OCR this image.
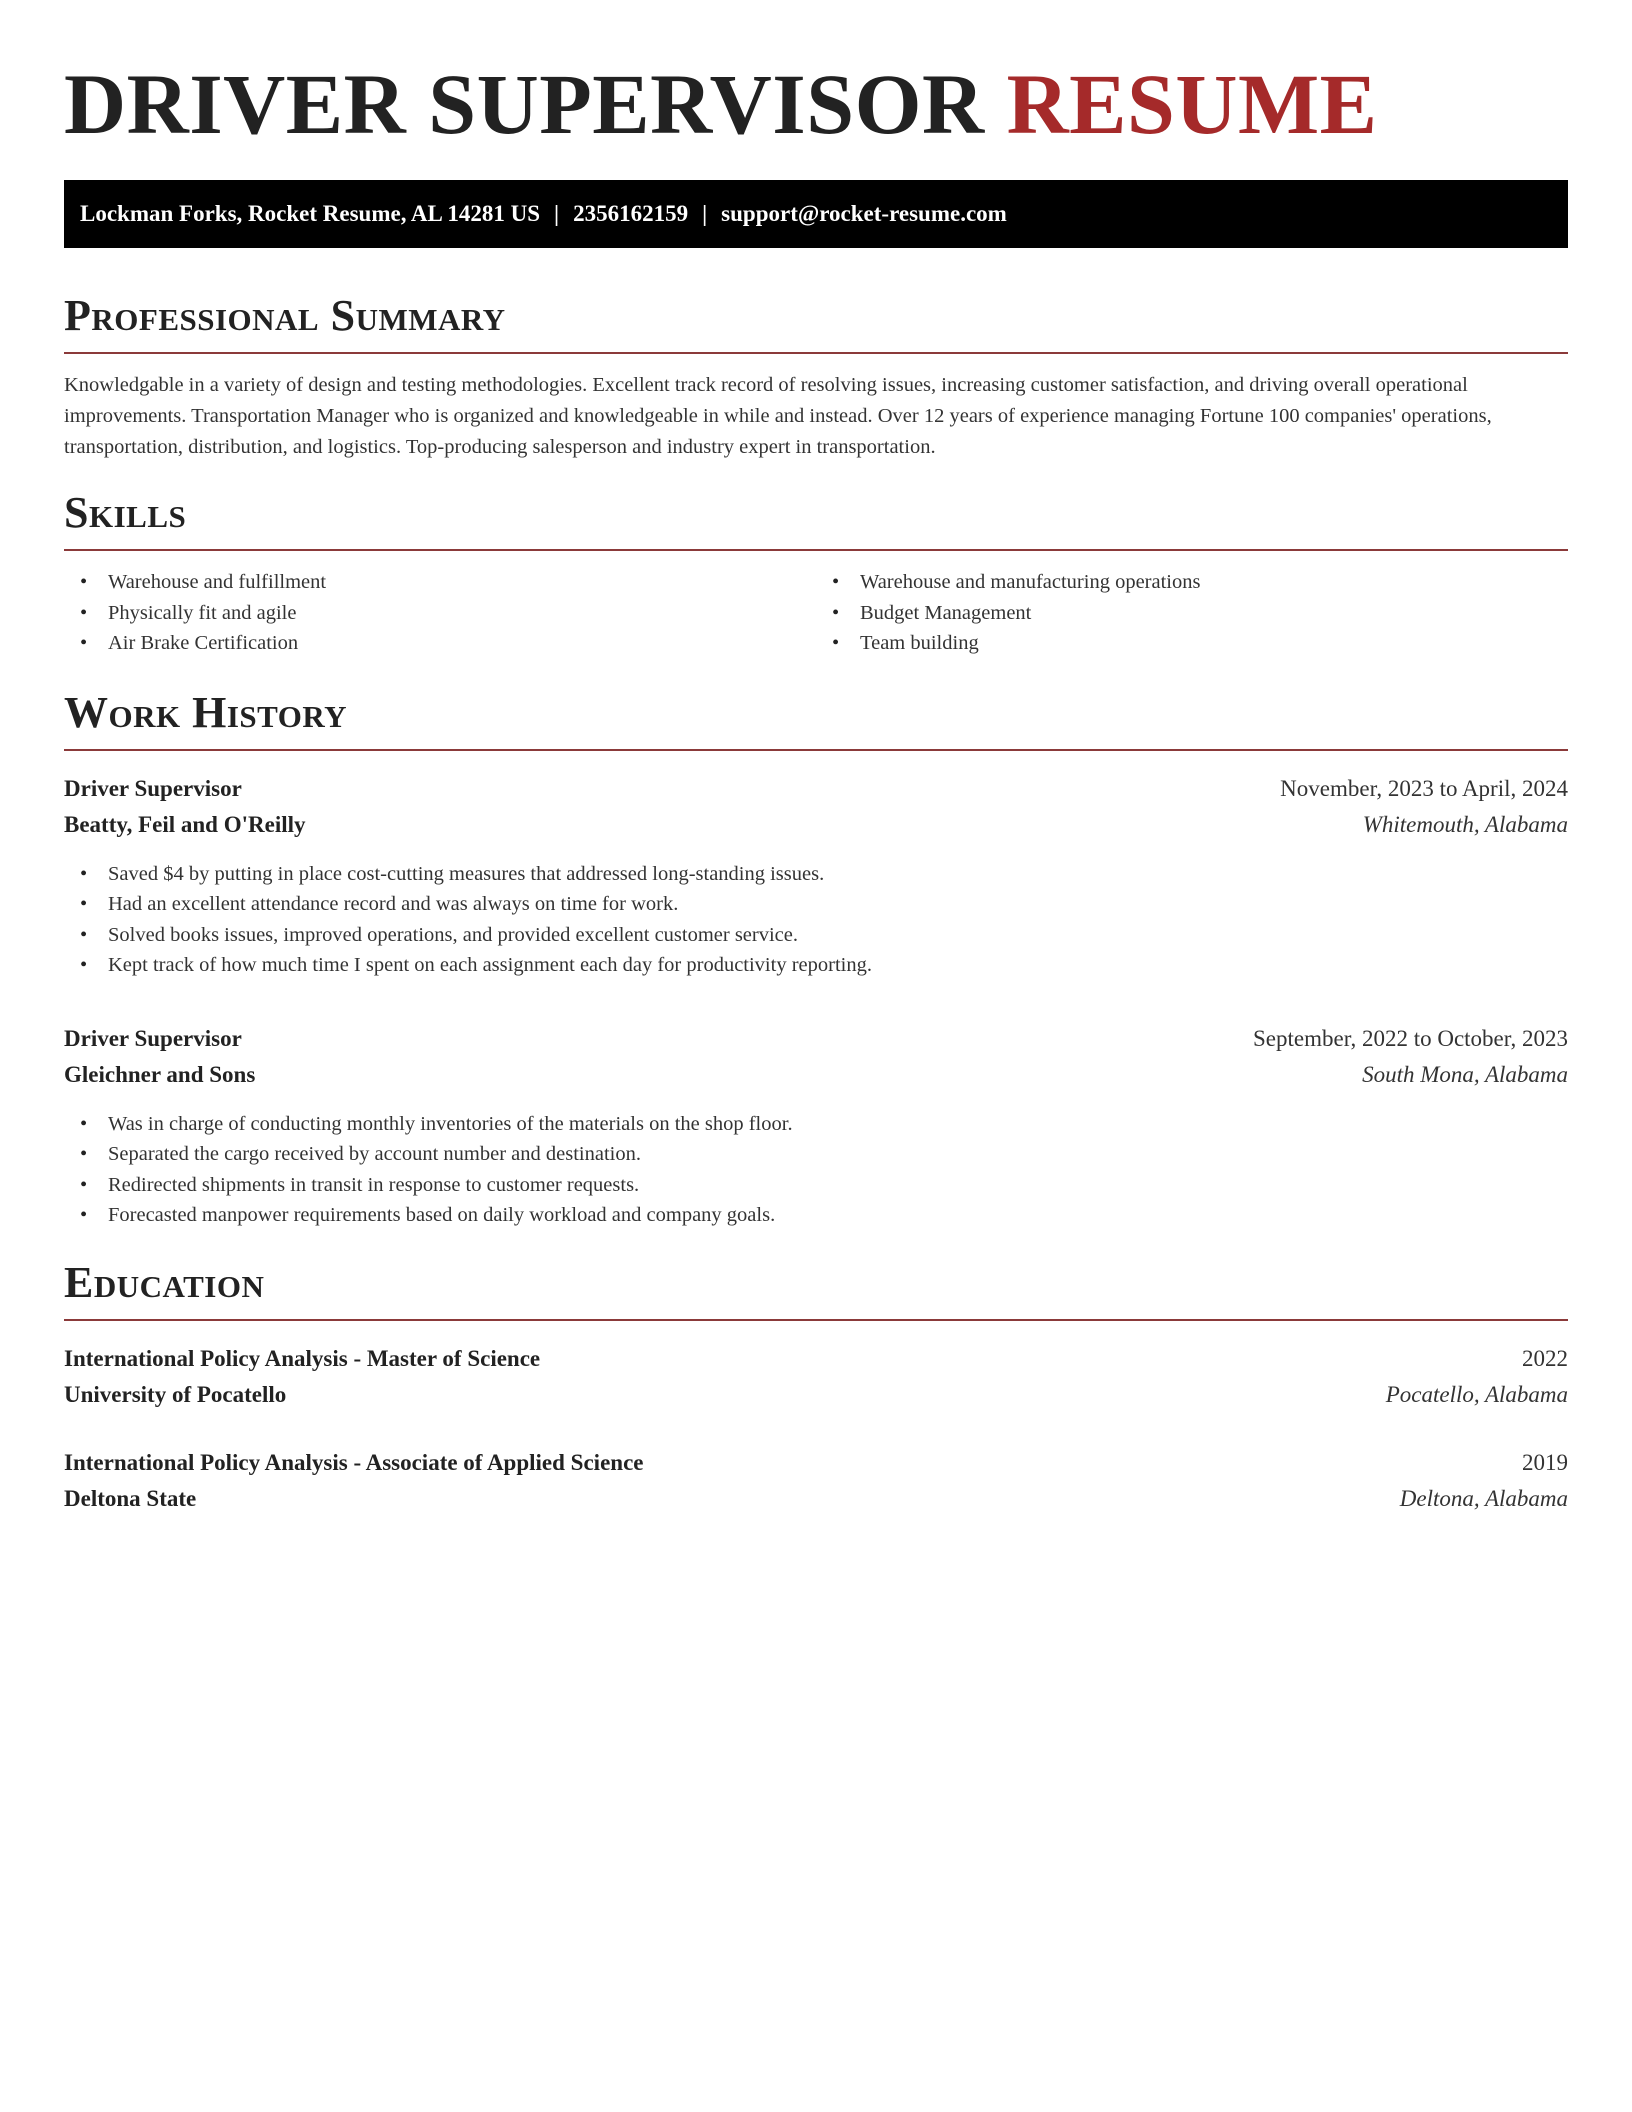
DRIVER SUPERVISOR RESUME
Lockman Forks, Rocket Resume, AL 14281 US | 2356162159 | support@rocket-resume.com
Professional Summary

Knowledgable in a variety of design and testing methodologies. Excellent track record of resolving issues, increasing customer satisfaction, and driving overall operational improvements. Transportation Manager who is organized and knowledgeable in while and instead. Over 12 years of experience managing Fortune 100 companies' operations, transportation, distribution, and logistics. Top-producing salesperson and industry expert in transportation.

Skills
• Warehouse and fulfillment
• Physically fit and agile
• Air Brake Certification
• Warehouse and manufacturing operations
• Budget Management
• Team building
Work History
Driver Supervisor	November, 2023 to April, 2024
Beatty, Feil and O'Reilly	Whitemouth, Alabama
• Saved $4 by putting in place cost-cutting measures that addressed long-standing issues.
• Had an excellent attendance record and was always on time for work.
• Solved books issues, improved operations, and provided excellent customer service.
• Kept track of how much time I spent on each assignment each day for productivity reporting.
Driver Supervisor	September, 2022 to October, 2023
Gleichner and Sons	South Mona, Alabama
• Was in charge of conducting monthly inventories of the materials on the shop floor.
• Separated the cargo received by account number and destination.
• Redirected shipments in transit in response to customer requests.
• Forecasted manpower requirements based on daily workload and company goals.
Education
International Policy Analysis - Master of Science	2022
University of Pocatello	Pocatello, Alabama
International Policy Analysis - Associate of Applied Science	2019
Deltona State	Deltona, Alabama
